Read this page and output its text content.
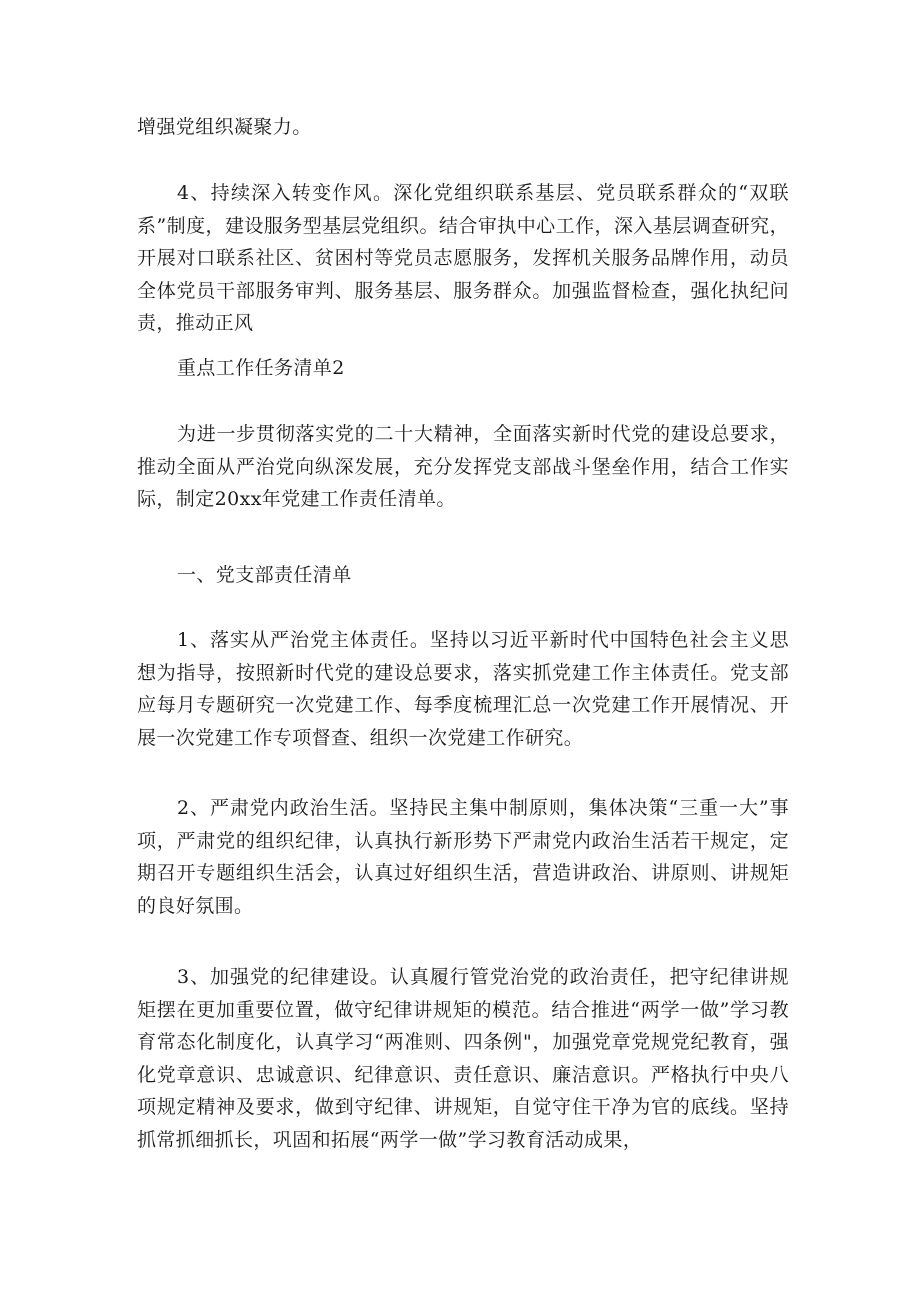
增强党组织凝聚力。

4、持续深入转变作风。深化党组织联系基层、党员联系群众的“双联系”制度，建设服务型基层党组织。结合审执中心工作，深入基层调查研究，开展对口联系社区、贫困村等党员志愿服务，发挥机关服务品牌作用，动员全体党员干部服务审判、服务基层、服务群众。加强监督检查，强化执纪问责，推动正风

重点工作任务清单2

为进一步贯彻落实党的二十大精神，全面落实新时代党的建设总要求，推动全面从严治党向纵深发展，充分发挥党支部战斗堡垒作用，结合工作实际，制定20xx年党建工作责任清单。

一、党支部责任清单

1、落实从严治党主体责任。坚持以习近平新时代中国特色社会主义思想为指导，按照新时代党的建设总要求，落实抓党建工作主体责任。党支部应每月专题研究一次党建工作、每季度梳理汇总一次党建工作开展情况、开展一次党建工作专项督查、组织一次党建工作研究。

2、严肃党内政治生活。坚持民主集中制原则，集体决策“三重一大”事项，严肃党的组织纪律，认真执行新形势下严肃党内政治生活若干规定，定期召开专题组织生活会，认真过好组织生活，营造讲政治、讲原则、讲规矩的良好氛围。

3、加强党的纪律建设。认真履行管党治党的政治责任，把守纪律讲规矩摆在更加重要位置，做守纪律讲规矩的模范。结合推进“两学一做”学习教育常态化制度化，认真学习“两准则、四条例"，加强党章党规党纪教育，强化党章意识、忠诚意识、纪律意识、责任意识、廉洁意识。严格执行中央八项规定精神及要求，做到守纪律、讲规矩，自觉守住干净为官的底线。坚持抓常抓细抓长，巩固和拓展“两学一做”学习教育活动成果，
